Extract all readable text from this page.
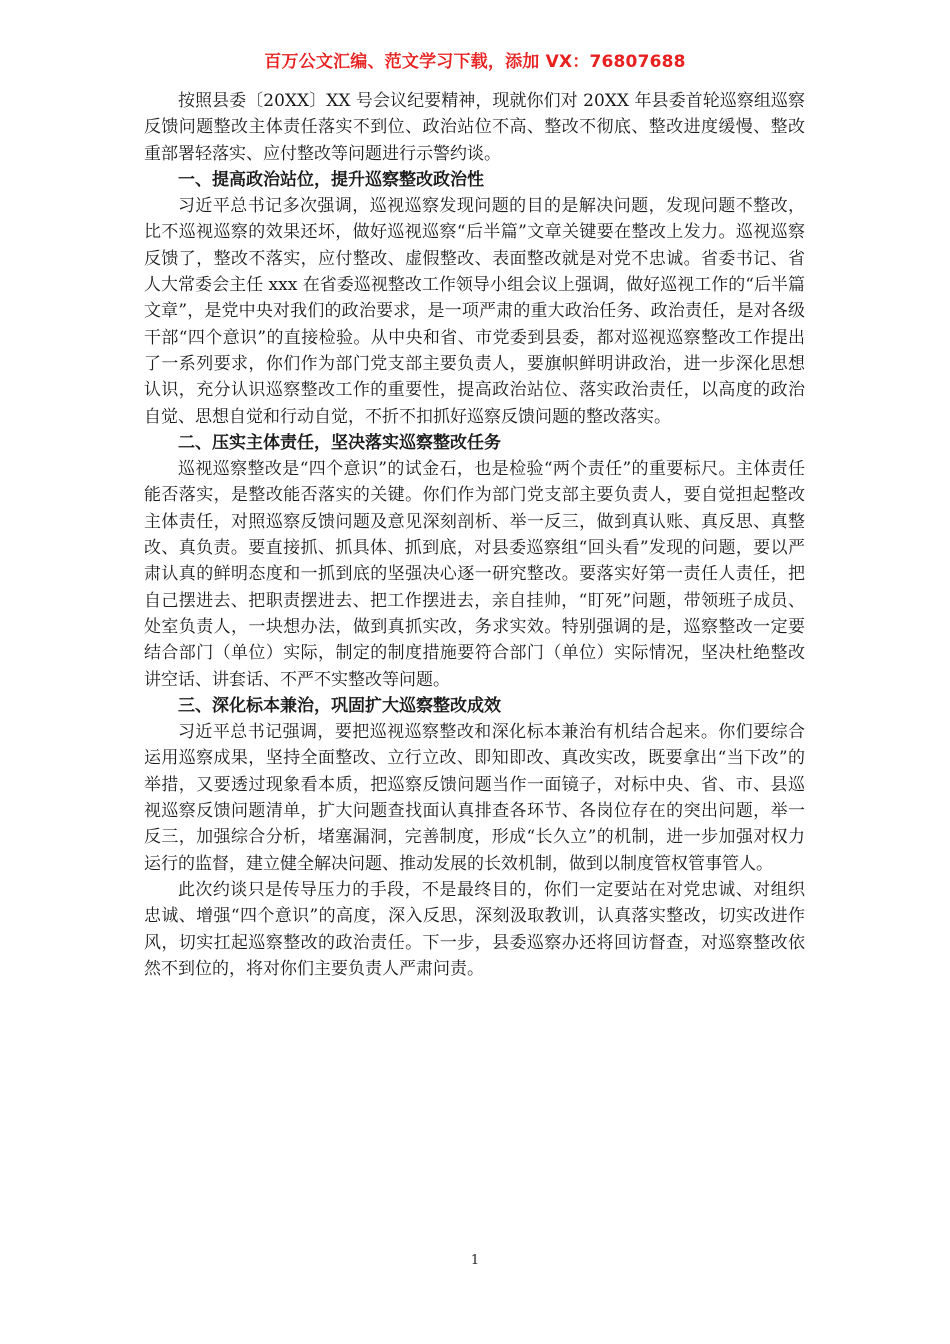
百万公文汇编、范文学习下载，添加 VX：76807688

按照县委〔20XX〕XX 号会议纪要精神，现就你们对 20XX 年县委首轮巡察组巡察反馈问题整改主体责任落实不到位、政治站位不高、整改不彻底、整改进度缓慢、整改重部署轻落实、应付整改等问题进行示警约谈。

一、提高政治站位，提升巡察整改政治性

习近平总书记多次强调，巡视巡察发现问题的目的是解决问题，发现问题不整改，比不巡视巡察的效果还坏，做好巡视巡察“后半篇”文章关键要在整改上发力。巡视巡察反馈了，整改不落实，应付整改、虚假整改、表面整改就是对党不忠诚。省委书记、省人大常委会主任 xxx 在省委巡视整改工作领导小组会议上强调，做好巡视工作的“后半篇文章”，是党中央对我们的政治要求，是一项严肃的重大政治任务、政治责任，是对各级干部“四个意识”的直接检验。从中央和省、市党委到县委，都对巡视巡察整改工作提出了一系列要求，你们作为部门党支部主要负责人，要旗帜鲜明讲政治，进一步深化思想认识，充分认识巡察整改工作的重要性，提高政治站位、落实政治责任，以高度的政治自觉、思想自觉和行动自觉，不折不扣抓好巡察反馈问题的整改落实。

二、压实主体责任，坚决落实巡察整改任务

巡视巡察整改是“四个意识”的试金石，也是检验“两个责任”的重要标尺。主体责任能否落实，是整改能否落实的关键。你们作为部门党支部主要负责人，要自觉担起整改主体责任，对照巡察反馈问题及意见深刻剖析、举一反三，做到真认账、真反思、真整改、真负责。要直接抓、抓具体、抓到底，对县委巡察组“回头看”发现的问题，要以严肃认真的鲜明态度和一抓到底的坚强决心逐一研究整改。要落实好第一责任人责任，把自己摆进去、把职责摆进去、把工作摆进去，亲自挂帅，“盯死”问题，带领班子成员、处室负责人，一块想办法，做到真抓实改，务求实效。特别强调的是，巡察整改一定要结合部门（单位）实际，制定的制度措施要符合部门（单位）实际情况，坚决杜绝整改讲空话、讲套话、不严不实整改等问题。

三、深化标本兼治，巩固扩大巡察整改成效

习近平总书记强调，要把巡视巡察整改和深化标本兼治有机结合起来。你们要综合运用巡察成果，坚持全面整改、立行立改、即知即改、真改实改，既要拿出“当下改”的举措，又要透过现象看本质，把巡察反馈问题当作一面镜子，对标中央、省、市、县巡视巡察反馈问题清单，扩大问题查找面认真排查各环节、各岗位存在的突出问题，举一反三，加强综合分析，堵塞漏洞，完善制度，形成“长久立”的机制，进一步加强对权力运行的监督，建立健全解决问题、推动发展的长效机制，做到以制度管权管事管人。

此次约谈只是传导压力的手段，不是最终目的，你们一定要站在对党忠诚、对组织忠诚、增强“四个意识”的高度，深入反思，深刻汲取教训，认真落实整改，切实改进作风，切实扛起巡察整改的政治责任。下一步，县委巡察办还将回访督查，对巡察整改依然不到位的，将对你们主要负责人严肃问责。

1
